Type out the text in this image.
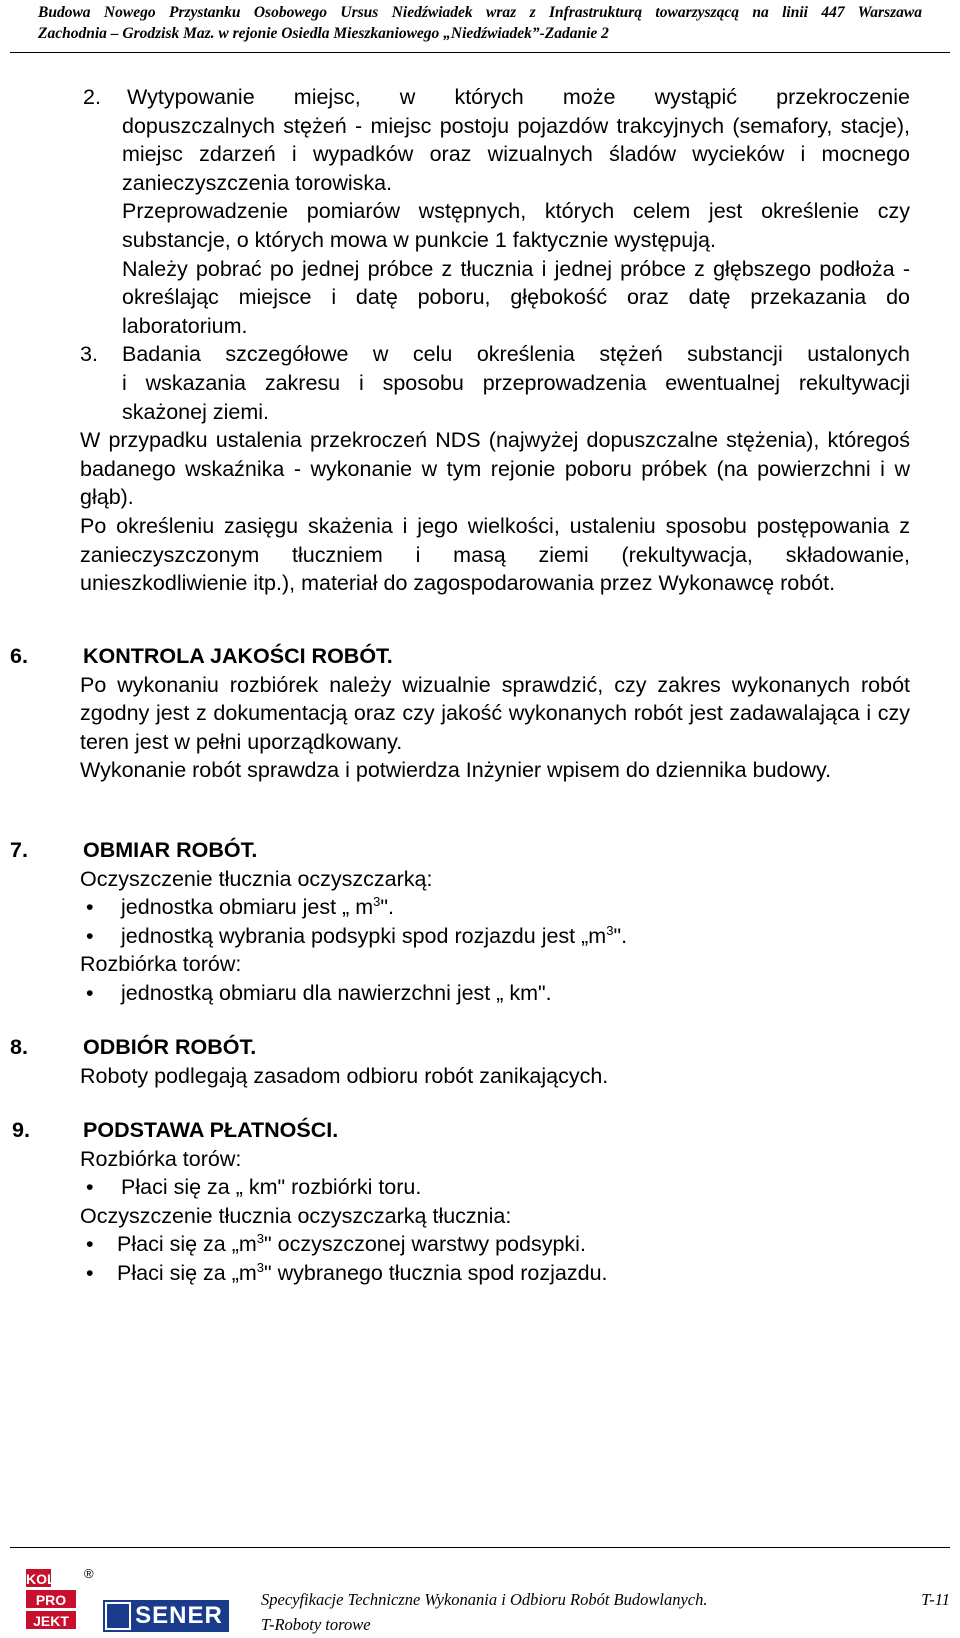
Budowa Nowego Przystanku Osobowego Ursus Niedźwiadek wraz z Infrastrukturą towarzyszącą na linii 447 Warszawa
Zachodnia – Grodzisk Maz. w rejonie Osiedla Mieszkaniowego „Niedźwiadek”-Zadanie 2
2. Wytypowanie miejsc, w których może wystąpić przekroczenie
dopuszczalnych stężeń - miejsc postoju pojazdów trakcyjnych (semafory, stacje), miejsc zdarzeń i wypadków oraz wizualnych śladów wycieków i mocnego zanieczyszczenia torowiska.
Przeprowadzenie pomiarów wstępnych, których celem jest określenie czy substancje, o których mowa w punkcie 1 faktycznie występują.
Należy pobrać po jednej próbce z tłucznia i jednej próbce z głębszego podłoża - określając miejsce i datę poboru, głębokość oraz datę przekazania do laboratorium.
3. Badania szczegółowe w celu określenia stężeń substancji ustalonych
i wskazania zakresu i sposobu przeprowadzenia ewentualnej rekultywacji skażonej ziemi.
W przypadku ustalenia przekroczeń NDS (najwyżej dopuszczalne stężenia), któregoś badanego wskaźnika - wykonanie w tym rejonie poboru próbek (na powierzchni i w głąb).
Po określeniu zasięgu skażenia i jego wielkości, ustaleniu sposobu postępowania z zanieczyszczonym tłuczniem i masą ziemi (rekultywacja, składowanie, unieszkodliwienie itp.), materiał do zagospodarowania przez Wykonawcę robót.
6.	KONTROLA JAKOŚCI ROBÓT.
Po wykonaniu rozbiórek należy wizualnie sprawdzić, czy zakres wykonanych robót zgodny jest z dokumentacją oraz czy jakość wykonanych robót jest zadawalająca i czy teren jest w pełni uporządkowany.
Wykonanie robót sprawdza i potwierdza Inżynier wpisem do dziennika budowy.
7.	OBMIAR ROBÓT.
Oczyszczenie tłucznia oczyszczarką:
• jednostka obmiaru jest „ $m^3$".
• jednostką wybrania podsypki spod rozjazdu jest $„m^3$".
Rozbiórka torów:
• jednostką obmiaru dla nawierzchni jest „ km".
8.	ODBIÓR ROBÓT.
Roboty podlegają zasadom odbioru robót zanikających.
9. PODSTAWA PŁATNOŚCI.
Rozbiórka torów:
• Płaci się za „ km" rozbiórki toru.
Oczyszczenie tłucznia oczyszczarką tłucznia:
• Płaci się za $„m^3$" oczyszczonej warstwy podsypki.
• Płaci się za $„m^3$" wybranego tłucznia spod rozjazdu.
KOL
PRO
JEKT
®
SENER
Specyfikacje Techniczne Wykonania i Odbioru Robót Budowlanych.
T-Roboty torowe
T-11
